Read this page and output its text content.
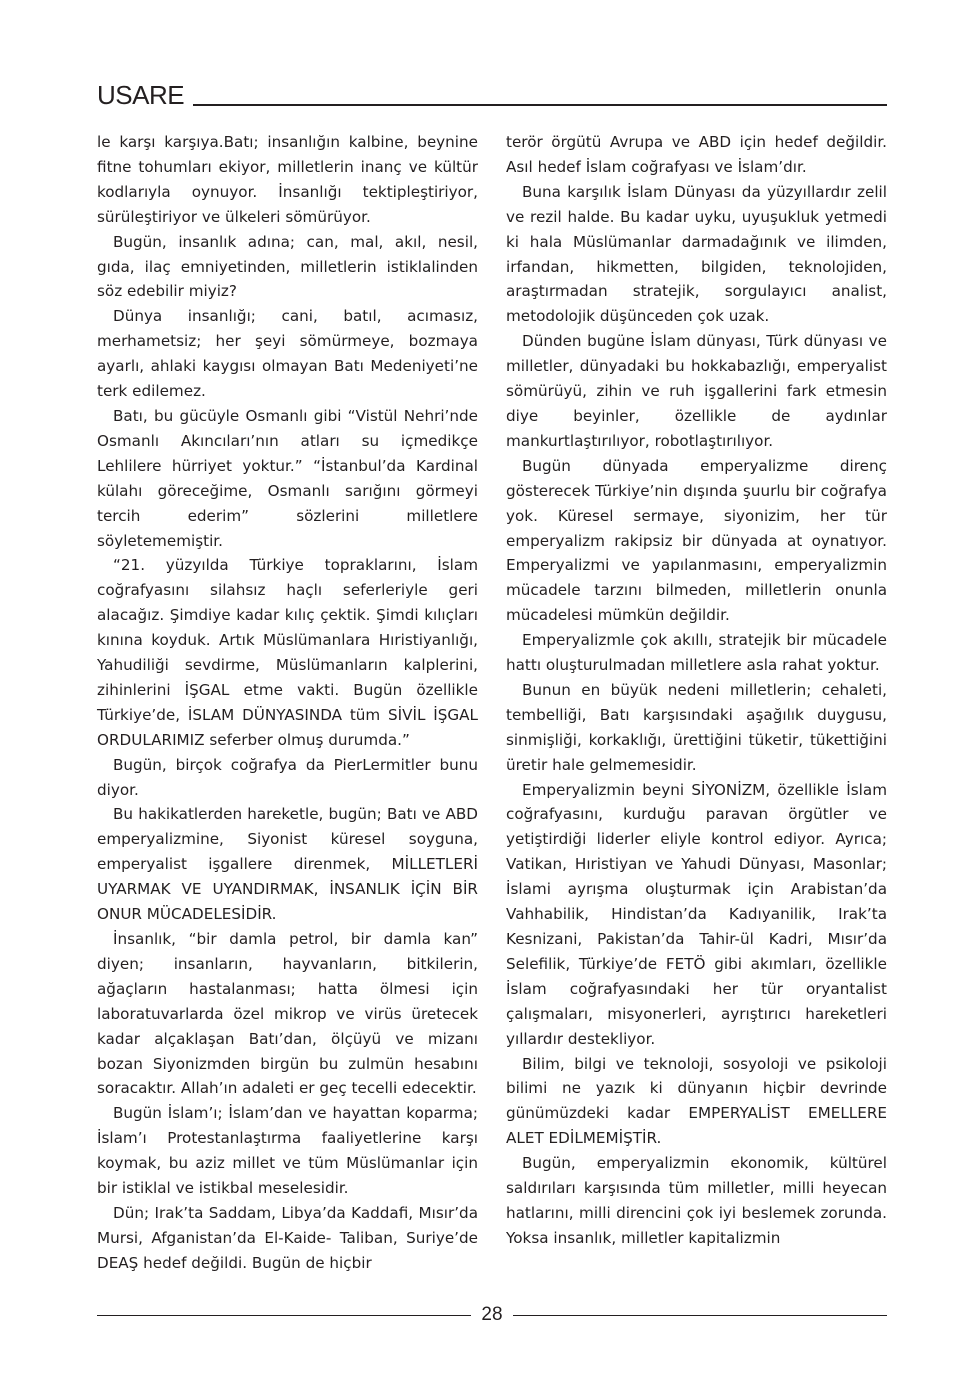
USARE

le karşı karşıya.Batı; insanlığın kalbine, beynine fitne tohumları ekiyor, milletlerin inanç ve kültür kodlarıyla oynuyor. İnsanlığı tektipleştiriyor, sürüleştiriyor ve ülkeleri sömürüyor.

Bugün, insanlık adına; can, mal, akıl, nesil, gıda, ilaç emniyetinden, milletlerin istiklalinden söz edebilir miyiz?

Dünya insanlığı; cani, batıl, acımasız, merhametsiz; her şeyi sömürmeye, bozmaya ayarlı, ahlaki kaygısı olmayan Batı Medeniyeti’ne terk edilemez.

Batı, bu gücüyle Osmanlı gibi “Vistül Nehri’nde Osmanlı Akıncıları’nın atları su içmedikçe Lehlilere hürriyet yoktur.” “İstanbul’da Kardinal külahı göreceğime, Osmanlı sarığını görmeyi tercih ederim” sözlerini milletlere söyletememiştir.

“21. yüzyılda Türkiye topraklarını, İslam coğrafyasını silahsız haçlı seferleriyle geri alacağız. Şimdiye kadar kılıç çektik. Şimdi kılıçları kınına koyduk. Artık Müslümanlara Hıristiyanlığı, Yahudiliği sevdirme, Müslümanların kalplerini, zihinlerini İŞGAL etme vakti. Bugün özellikle Türkiye’de, İSLAM DÜNYASINDA tüm SİVİL İŞGAL ORDULARIMIZ seferber olmuş durumda.”

Bugün, birçok coğrafya da PierLermitler bunu diyor.

Bu hakikatlerden hareketle, bugün; Batı ve ABD emperyalizmine, Siyonist küresel soyguna, emperyalist işgallere direnmek, MİLLETLERİ UYARMAK VE UYANDIRMAK, İNSANLIK İÇİN BİR ONUR MÜCADELESİDİR.

İnsanlık, “bir damla petrol, bir damla kan” diyen; insanların, hayvanların, bitkilerin, ağaçların hastalanması; hatta ölmesi için laboratuvarlarda özel mikrop ve virüs üretecek kadar alçaklaşan Batı’dan, ölçüyü ve mizanı bozan Siyonizmden birgün bu zulmün hesabını soracaktır. Allah’ın adaleti er geç tecelli edecektir.

Bugün İslam’ı; İslam’dan ve hayattan koparma; İslam’ı Protestanlaştırma faaliyetlerine karşı koymak, bu aziz millet ve tüm Müslümanlar için bir istiklal ve istikbal meselesidir.

Dün; Irak’ta Saddam, Libya’da Kaddafi, Mısır’da Mursi, Afganistan’da El-Kaide- Taliban, Suriye’de DEAŞ hedef değildi. Bugün de hiçbir

terör örgütü Avrupa ve ABD için hedef değildir. Asıl hedef İslam coğrafyası ve İslam’dır.

Buna karşılık İslam Dünyası da yüzyıllardır zelil ve rezil halde. Bu kadar uyku, uyuşukluk yetmedi ki hala Müslümanlar darmadağınık ve ilimden, irfandan, hikmetten, bilgiden, teknolojiden, araştırmadan stratejik, sorgulayıcı analist, metodolojik düşünceden çok uzak.

Dünden bugüne İslam dünyası, Türk dünyası ve milletler, dünyadaki bu hokkabazlığı, emperyalist sömürüyü, zihin ve ruh işgallerini fark etmesin diye beyinler, özellikle de aydınlar mankurtlaştırılıyor, robotlaştırılıyor.

Bugün dünyada emperyalizme direnç gösterecek Türkiye’nin dışında şuurlu bir coğrafya yok. Küresel sermaye, siyonizim, her tür emperyalizm rakipsiz bir dünyada at oynatıyor. Emperyalizmi ve yapılanmasını, emperyalizmin mücadele tarzını bilmeden, milletlerin onunla mücadelesi mümkün değildir.

Emperyalizmle çok akıllı, stratejik bir mücadele hattı oluşturulmadan milletlere asla rahat yoktur.

Bunun en büyük nedeni milletlerin; cehaleti, tembelliği, Batı karşısındaki aşağılık duygusu, sinmişliği, korkaklığı, ürettiğini tüketir, tükettiğini üretir hale gelmemesidir.

Emperyalizmin beyni SİYONİZM, özellikle İslam coğrafyasını, kurduğu paravan örgütler ve yetiştirdiği liderler eliyle kontrol ediyor. Ayrıca; Vatikan, Hıristiyan ve Yahudi Dünyası, Masonlar; İslami ayrışma oluşturmak için Arabistan’da Vahhabilik, Hindistan’da Kadıyanilik, Irak’ta Kesnizani, Pakistan’da Tahir-ül Kadri, Mısır’da Selefilik, Türkiye’de FETÖ gibi akımları, özellikle İslam coğrafyasındaki her tür oryantalist çalışmaları, misyonerleri, ayrıştırıcı hareketleri yıllardır destekliyor.

Bilim, bilgi ve teknoloji, sosyoloji ve psikoloji bilimi ne yazık ki dünyanın hiçbir devrinde günümüzdeki kadar EMPERYALİST EMELLERE ALET EDİLMEMİŞTİR.

Bugün, emperyalizmin ekonomik, kültürel saldırıları karşısında tüm milletler, milli heyecan hatlarını, milli direncini çok iyi beslemek zorunda. Yoksa insanlık, milletler kapitalizmin

28
